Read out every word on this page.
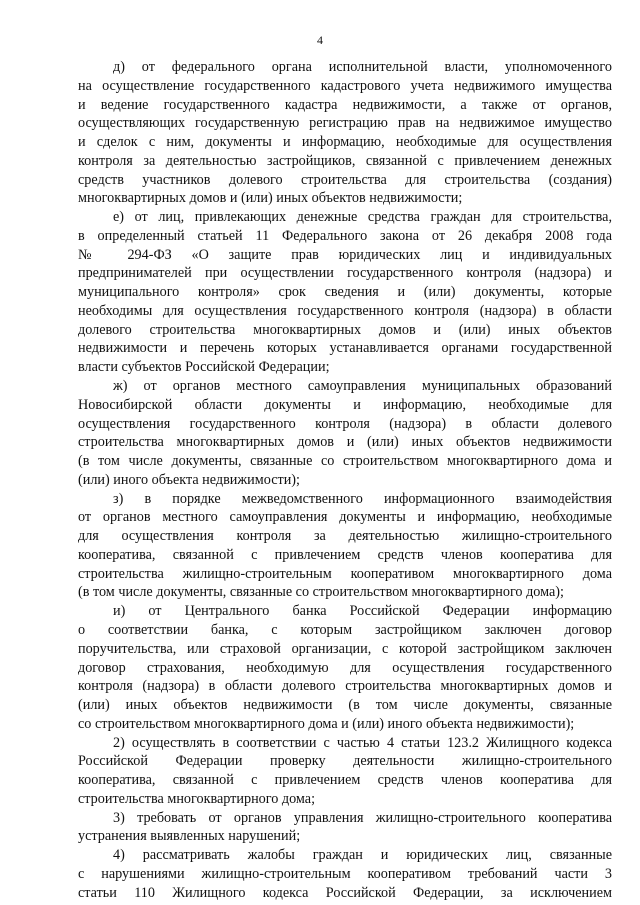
4
д) от федерального органа исполнительной власти, уполномоченного
на осуществление государственного кадастрового учета недвижимого имущества
и ведение государственного кадастра недвижимости, а также от органов,
осуществляющих государственную регистрацию прав на недвижимое имущество
и сделок с ним, документы и информацию, необходимые для осуществления
контроля за деятельностью застройщиков, связанной с привлечением денежных
средств участников долевого строительства для строительства (создания)
многоквартирных домов и (или) иных объектов недвижимости;
е) от лиц, привлекающих денежные средства граждан для строительства,
в определенный статьей 11 Федерального закона от 26 декабря 2008 года
№ 294-ФЗ «О защите прав юридических лиц и индивидуальных
предпринимателей при осуществлении государственного контроля (надзора) и
муниципального контроля» срок сведения и (или) документы, которые
необходимы для осуществления государственного контроля (надзора) в области
долевого строительства многоквартирных домов и (или) иных объектов
недвижимости и перечень которых устанавливается органами государственной
власти субъектов Российской Федерации;
ж) от органов местного самоуправления муниципальных образований
Новосибирской области документы и информацию, необходимые для
осуществления государственного контроля (надзора) в области долевого
строительства многоквартирных домов и (или) иных объектов недвижимости
(в том числе документы, связанные со строительством многоквартирного дома и
(или) иного объекта недвижимости);
з) в порядке межведомственного информационного взаимодействия
от органов местного самоуправления документы и информацию, необходимые
для осуществления контроля за деятельностью жилищно-строительного
кооператива, связанной с привлечением средств членов кооператива для
строительства жилищно-строительным кооперативом многоквартирного дома
(в том числе документы, связанные со строительством многоквартирного дома);
и) от Центрального банка Российской Федерации информацию
о соответствии банка, с которым застройщиком заключен договор
поручительства, или страховой организации, с которой застройщиком заключен
договор страхования, необходимую для осуществления государственного
контроля (надзора) в области долевого строительства многоквартирных домов и
(или) иных объектов недвижимости (в том числе документы, связанные
со строительством многоквартирного дома и (или) иного объекта недвижимости);
2) осуществлять в соответствии с частью 4 статьи 123.2 Жилищного кодекса
Российской Федерации проверку деятельности жилищно-строительного
кооператива, связанной с привлечением средств членов кооператива для
строительства многоквартирного дома;
3) требовать от органов управления жилищно-строительного кооператива
устранения выявленных нарушений;
4) рассматривать жалобы граждан и юридических лиц, связанные
с нарушениями жилищно-строительным кооперативом требований части 3
статьи 110 Жилищного кодекса Российской Федерации, за исключением
